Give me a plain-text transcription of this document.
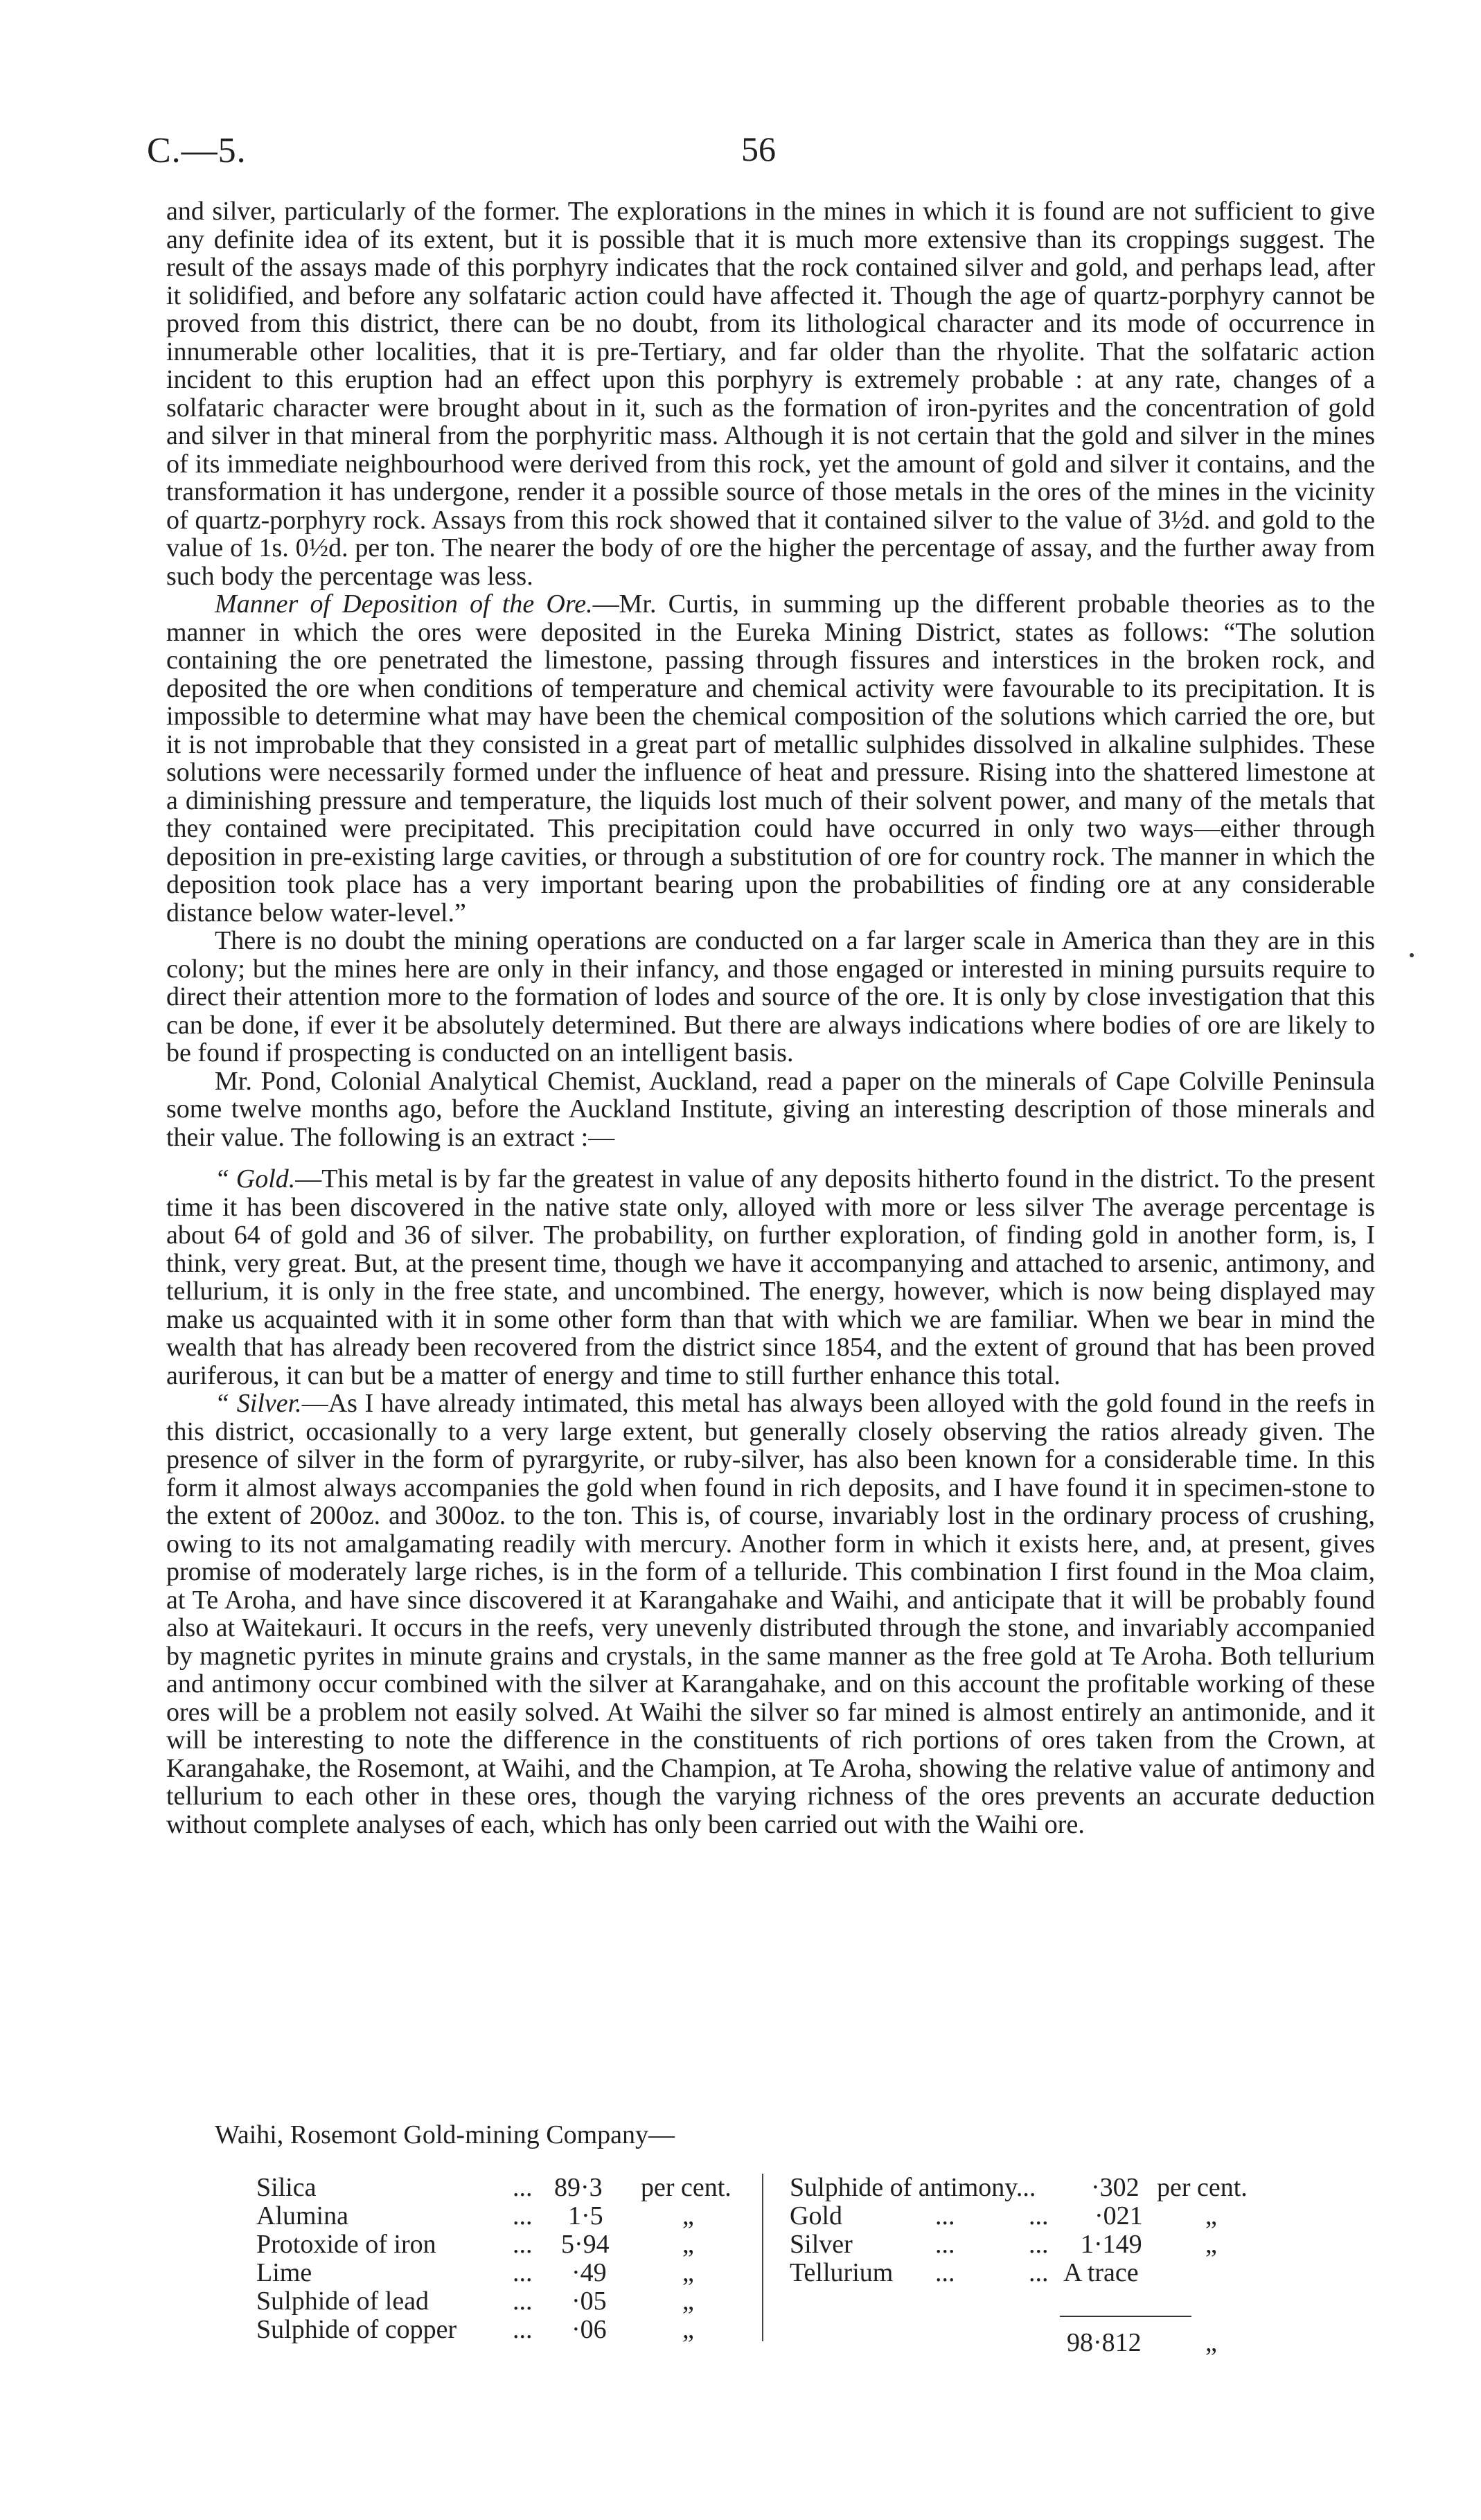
C.—5.	56

and silver, particularly of the former. The explorations in the mines in which it is found are not sufficient to give any definite idea of its extent, but it is possible that it is much more extensive than its croppings suggest. The result of the assays made of this porphyry indicates that the rock contained silver and gold, and perhaps lead, after it solidified, and before any solfataric action could have affected it. Though the age of quartz-porphyry cannot be proved from this district, there can be no doubt, from its lithological character and its mode of occurrence in innumerable other localities, that it is pre-Tertiary, and far older than the rhyolite. That the solfataric action incident to this eruption had an effect upon this porphyry is extremely probable : at any rate, changes of a solfataric character were brought about in it, such as the formation of iron-pyrites and the concentration of gold and silver in that mineral from the porphyritic mass. Although it is not certain that the gold and silver in the mines of its immediate neighbourhood were derived from this rock, yet the amount of gold and silver it contains, and the transformation it has undergone, render it a possible source of those metals in the ores of the mines in the vicinity of quartz-porphyry rock. Assays from this rock showed that it contained silver to the value of 3½d. and gold to the value of 1s. 0½d. per ton. The nearer the body of ore the higher the percentage of assay, and the further away from such body the percentage was less.

Manner of Deposition of the Ore.—Mr. Curtis, in summing up the different probable theories as to the manner in which the ores were deposited in the Eureka Mining District, states as follows: “The solution containing the ore penetrated the limestone, passing through fissures and interstices in the broken rock, and deposited the ore when conditions of temperature and chemical activity were favourable to its precipitation. It is impossible to determine what may have been the chemical composition of the solutions which carried the ore, but it is not improbable that they consisted in a great part of metallic sulphides dissolved in alkaline sulphides. These solutions were necessarily formed under the influence of heat and pressure. Rising into the shattered limestone at a diminishing pressure and temperature, the liquids lost much of their solvent power, and many of the metals that they contained were precipitated. This precipitation could have occurred in only two ways—either through deposition in pre-existing large cavities, or through a substitution of ore for country rock. The manner in which the deposition took place has a very important bearing upon the probabilities of finding ore at any considerable distance below water-level.”

There is no doubt the mining operations are conducted on a far larger scale in America than they are in this colony; but the mines here are only in their infancy, and those engaged or interested in mining pursuits require to direct their attention more to the formation of lodes and source of the ore. It is only by close investigation that this can be done, if ever it be absolutely determined. But there are always indications where bodies of ore are likely to be found if prospecting is conducted on an intelligent basis.

Mr. Pond, Colonial Analytical Chemist, Auckland, read a paper on the minerals of Cape Colville Peninsula some twelve months ago, before the Auckland Institute, giving an interesting description of those minerals and their value. The following is an extract :—

“ Gold.—This metal is by far the greatest in value of any deposits hitherto found in the district. To the present time it has been discovered in the native state only, alloyed with more or less silver The average percentage is about 64 of gold and 36 of silver. The probability, on further exploration, of finding gold in another form, is, I think, very great. But, at the present time, though we have it accompanying and attached to arsenic, antimony, and tellurium, it is only in the free state, and uncombined. The energy, however, which is now being displayed may make us acquainted with it in some other form than that with which we are familiar. When we bear in mind the wealth that has already been recovered from the district since 1854, and the extent of ground that has been proved auriferous, it can but be a matter of energy and time to still further enhance this total.

“ Silver.—As I have already intimated, this metal has always been alloyed with the gold found in the reefs in this district, occasionally to a very large extent, but generally closely observing the ratios already given. The presence of silver in the form of pyrargyrite, or ruby-silver, has also been known for a considerable time. In this form it almost always accompanies the gold when found in rich deposits, and I have found it in specimen-stone to the extent of 200oz. and 300oz. to the ton. This is, of course, invariably lost in the ordinary process of crushing, owing to its not amalgamating readily with mercury. Another form in which it exists here, and, at present, gives promise of moderately large riches, is in the form of a telluride. This combination I first found in the Moa claim, at Te Aroha, and have since discovered it at Karangahake and Waihi, and anticipate that it will be probably found also at Waitekauri. It occurs in the reefs, very unevenly distributed through the stone, and invariably accompanied by magnetic pyrites in minute grains and crystals, in the same manner as the free gold at Te Aroha. Both tellurium and antimony occur combined with the silver at Karangahake, and on this account the profitable working of these ores will be a problem not easily solved. At Waihi the silver so far mined is almost entirely an antimonide, and it will be interesting to note the difference in the constituents of rich portions of ores taken from the Crown, at Karangahake, the Rosemont, at Waihi, and the Champion, at Te Aroha, showing the relative value of antimony and tellurium to each other in these ores, though the varying richness of the ores prevents an accurate deduction without complete analyses of each, which has only been carried out with the Waihi ore.

Waihi, Rosemont Gold-mining Company—
Silica	... 89·3 per cent.
Alumina	... 1·5	„
Protoxide of iron	... 5·94	„
Lime	... ·49	„
Sulphide of lead	... ·05	„
Sulphide of copper ... ·06	„
Sulphide of antimony... ·302 per cent.
Gold	...	... ·021 „
Silver	...	... 1·149 „
Tellurium ...	... A trace
98·812 „
